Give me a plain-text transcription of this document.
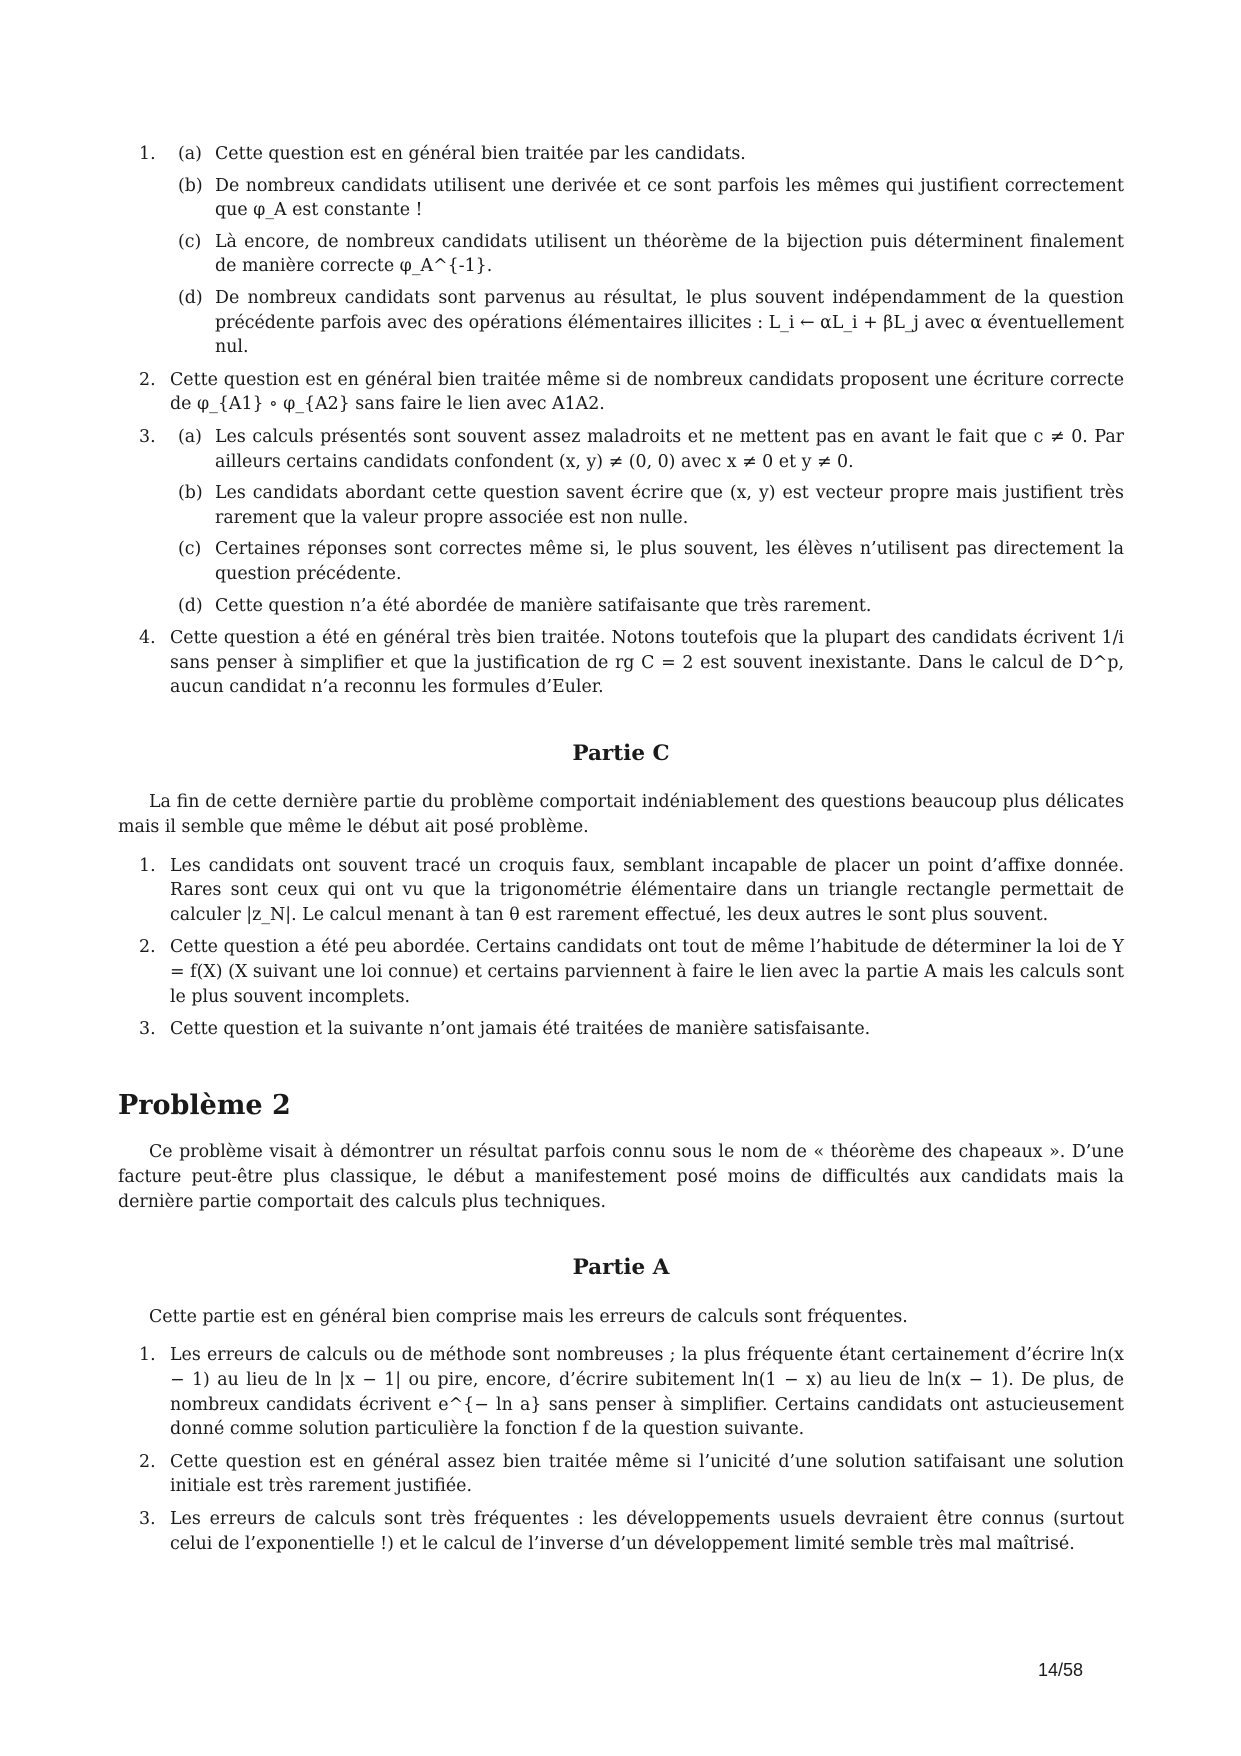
1.	(a) Cette question est en général bien traitée par les candidats.
(b) De nombreux candidats utilisent une derivée et ce sont parfois les mêmes qui justifient correctement que φ_A est constante !
(c) Là encore, de nombreux candidats utilisent un théorème de la bijection puis déterminent finalement de manière correcte φ_A^{-1}.
(d) De nombreux candidats sont parvenus au résultat, le plus souvent indépendamment de la question précédente parfois avec des opérations élémentaires illicites : L_i ← αL_i + βL_j avec α éventuellement nul.
2. Cette question est en général bien traitée même si de nombreux candidats proposent une écriture correcte de φ_{A1} ∘ φ_{A2} sans faire le lien avec A1A2.
3.	(a) Les calculs présentés sont souvent assez maladroits et ne mettent pas en avant le fait que c ≠ 0. Par ailleurs certains candidats confondent (x, y) ≠ (0, 0) avec x ≠ 0 et y ≠ 0.
(b) Les candidats abordant cette question savent écrire que (x, y) est vecteur propre mais justifient très rarement que la valeur propre associée est non nulle.
(c) Certaines réponses sont correctes même si, le plus souvent, les élèves n’utilisent pas directement la question précédente.
(d) Cette question n’a été abordée de manière satifaisante que très rarement.
4. Cette question a été en général très bien traitée. Notons toutefois que la plupart des candidats écrivent 1/i sans penser à simplifier et que la justification de rg C = 2 est souvent inexistante. Dans le calcul de D^p, aucun candidat n’a reconnu les formules d’Euler.
Partie C

La fin de cette dernière partie du problème comportait indéniablement des questions beaucoup plus délicates mais il semble que même le début ait posé problème.

1. Les candidats ont souvent tracé un croquis faux, semblant incapable de placer un point d’affixe donnée. Rares sont ceux qui ont vu que la trigonométrie élémentaire dans un triangle rectangle permettait de calculer |z_N|. Le calcul menant à tan θ est rarement effectué, les deux autres le sont plus souvent.
2. Cette question a été peu abordée. Certains candidats ont tout de même l’habitude de déterminer la loi de Y = f(X) (X suivant une loi connue) et certains parviennent à faire le lien avec la partie A mais les calculs sont le plus souvent incomplets.
3. Cette question et la suivante n’ont jamais été traitées de manière satisfaisante.
Problème 2

Ce problème visait à démontrer un résultat parfois connu sous le nom de « théorème des chapeaux ». D’une facture peut-être plus classique, le début a manifestement posé moins de difficultés aux candidats mais la dernière partie comportait des calculs plus techniques.

Partie A

Cette partie est en général bien comprise mais les erreurs de calculs sont fréquentes.

1. Les erreurs de calculs ou de méthode sont nombreuses ; la plus fréquente étant certainement d’écrire ln(x − 1) au lieu de ln |x − 1| ou pire, encore, d’écrire subitement ln(1 − x) au lieu de ln(x − 1). De plus, de nombreux candidats écrivent e^{− ln a} sans penser à simplifier. Certains candidats ont astucieusement donné comme solution particulière la fonction f de la question suivante.
2. Cette question est en général assez bien traitée même si l’unicité d’une solution satifaisant une solution initiale est très rarement justifiée.
3. Les erreurs de calculs sont très fréquentes : les développements usuels devraient être connus (surtout celui de l’exponentielle !) et le calcul de l’inverse d’un développement limité semble très mal maîtrisé.
14/58
